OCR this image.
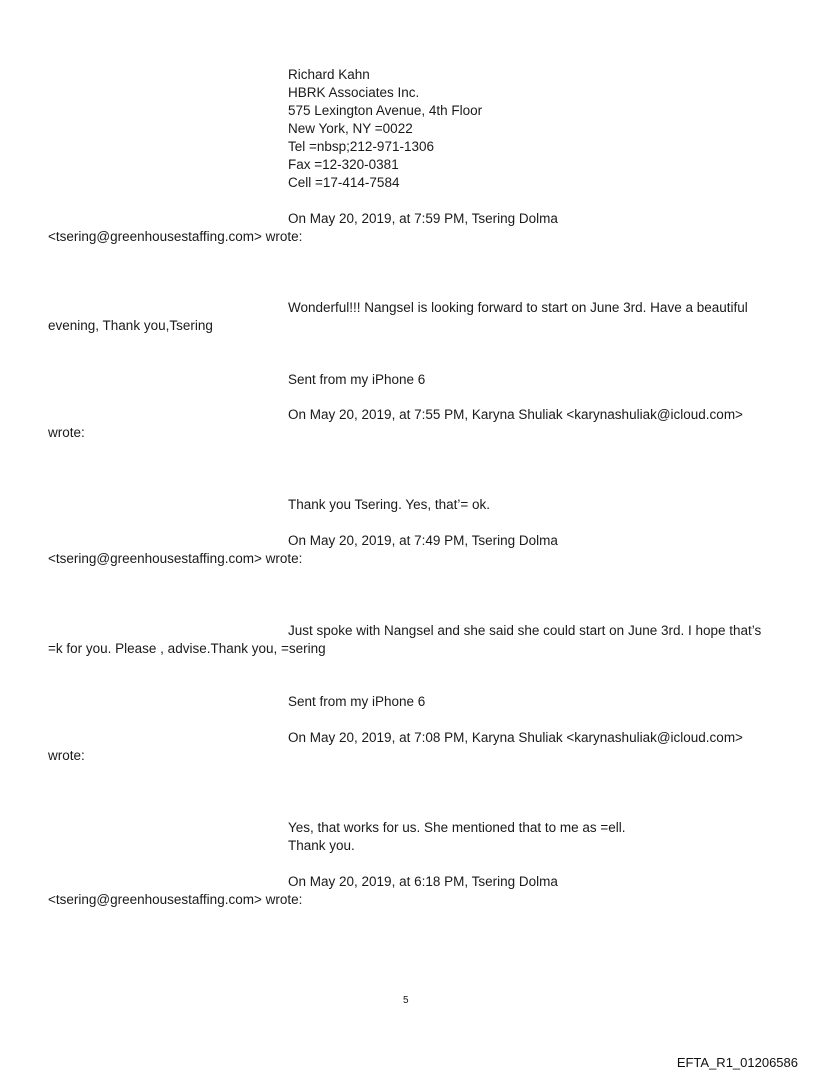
Richard Kahn
HBRK Associates Inc.
575 Lexington Avenue, 4th Floor
New York, NY =0022
Tel =nbsp;212-971-1306
Fax =12-320-0381
Cell =17-414-7584
On May 20, 2019, at 7:59 PM, Tsering Dolma
<tsering@greenhousestaffing.com> wrote:
Wonderful!!! Nangsel is looking forward to start on June 3rd. Have a beautiful
evening, Thank you,Tsering
Sent from my iPhone 6
On May 20, 2019, at 7:55 PM, Karyna Shuliak <karynashuliak@icloud.com>
wrote:
Thank you Tsering. Yes, that’= ok.
On May 20, 2019, at 7:49 PM, Tsering Dolma
<tsering@greenhousestaffing.com> wrote:
Just spoke with Nangsel and she said she could start on June 3rd. I hope that’s
=k for you. Please , advise.Thank you, =sering
Sent from my iPhone 6
On May 20, 2019, at 7:08 PM, Karyna Shuliak <karynashuliak@icloud.com>
wrote:
Yes, that works for us. She mentioned that to me as =ell.
Thank you.
On May 20, 2019, at 6:18 PM, Tsering Dolma
<tsering@greenhousestaffing.com> wrote:
5
EFTA_R1_01206586
